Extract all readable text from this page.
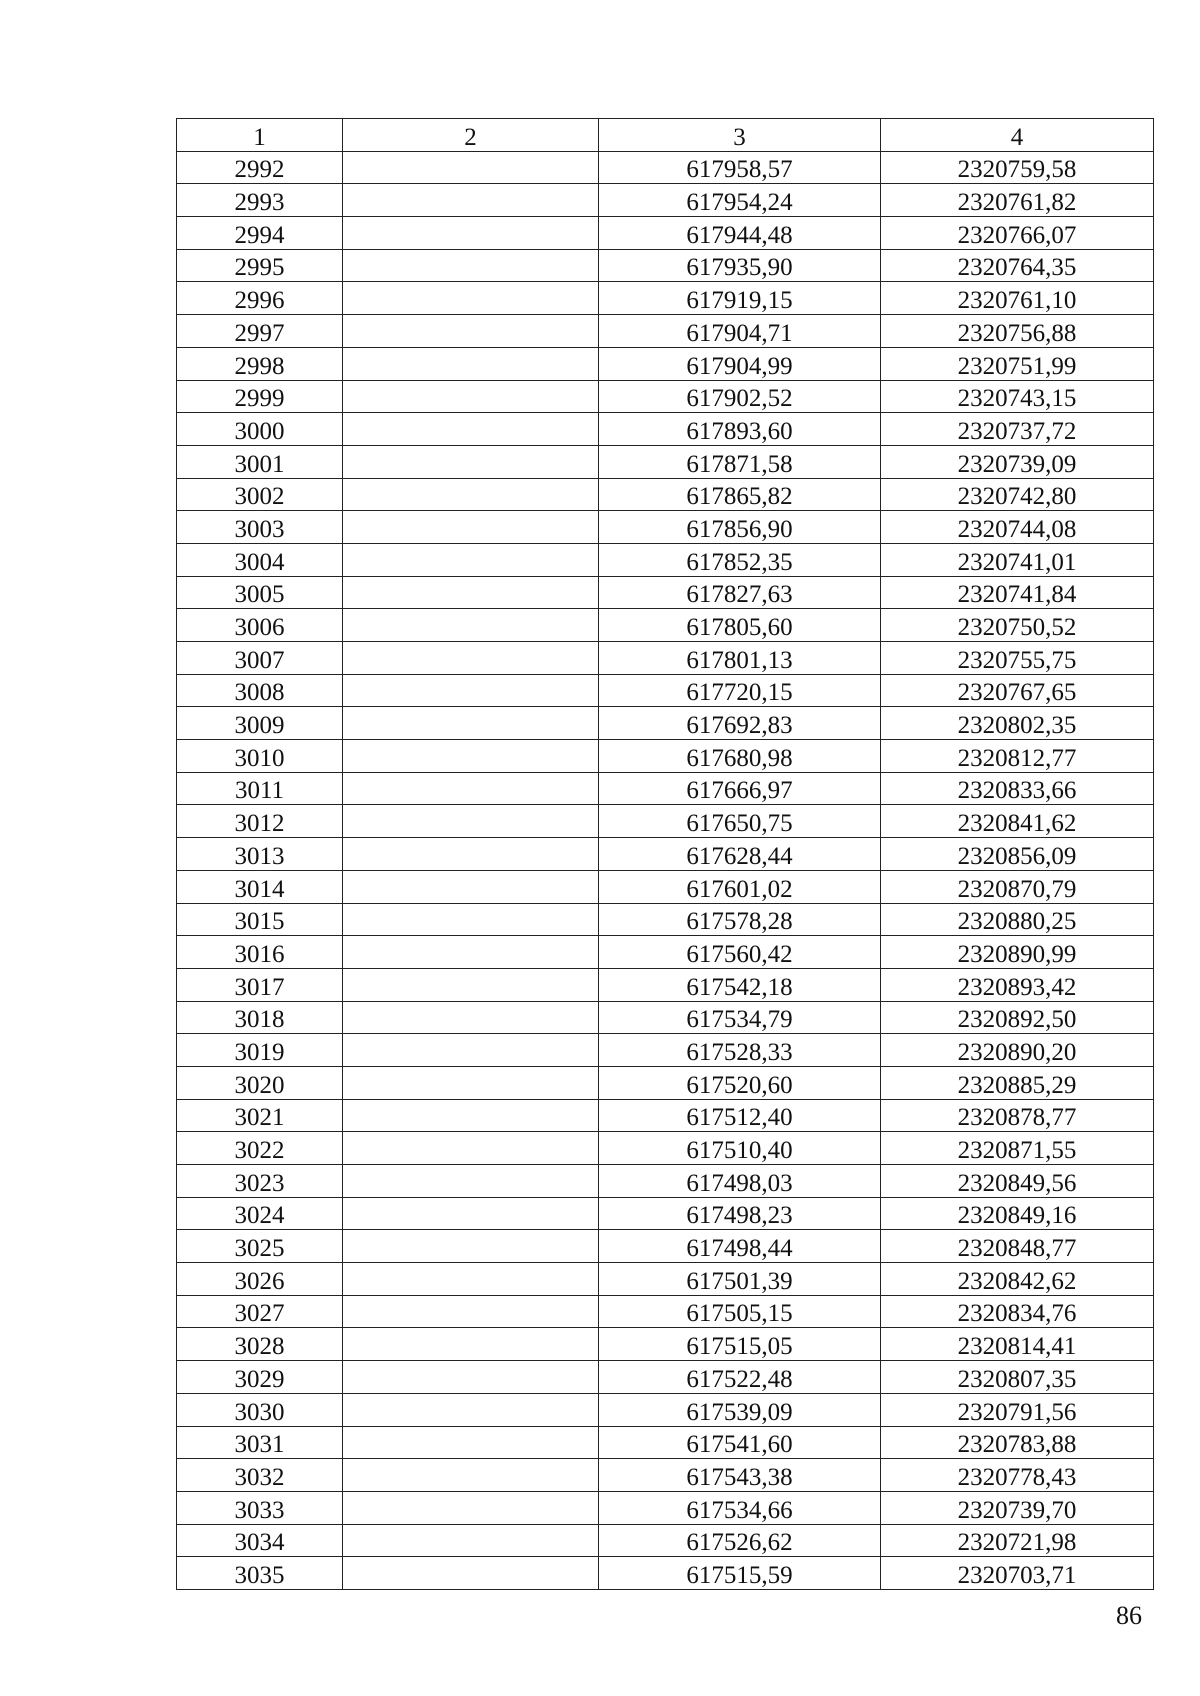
1	2	3	4
2992		617958,57	2320759,58
2993		617954,24	2320761,82
2994		617944,48	2320766,07
2995		617935,90	2320764,35
2996		617919,15	2320761,10
2997		617904,71	2320756,88
2998		617904,99	2320751,99
2999		617902,52	2320743,15
3000		617893,60	2320737,72
3001		617871,58	2320739,09
3002		617865,82	2320742,80
3003		617856,90	2320744,08
3004		617852,35	2320741,01
3005		617827,63	2320741,84
3006		617805,60	2320750,52
3007		617801,13	2320755,75
3008		617720,15	2320767,65
3009		617692,83	2320802,35
3010		617680,98	2320812,77
3011		617666,97	2320833,66
3012		617650,75	2320841,62
3013		617628,44	2320856,09
3014		617601,02	2320870,79
3015		617578,28	2320880,25
3016		617560,42	2320890,99
3017		617542,18	2320893,42
3018		617534,79	2320892,50
3019		617528,33	2320890,20
3020		617520,60	2320885,29
3021		617512,40	2320878,77
3022		617510,40	2320871,55
3023		617498,03	2320849,56
3024		617498,23	2320849,16
3025		617498,44	2320848,77
3026		617501,39	2320842,62
3027		617505,15	2320834,76
3028		617515,05	2320814,41
3029		617522,48	2320807,35
3030		617539,09	2320791,56
3031		617541,60	2320783,88
3032		617543,38	2320778,43
3033		617534,66	2320739,70
3034		617526,62	2320721,98
3035		617515,59	2320703,71
86
